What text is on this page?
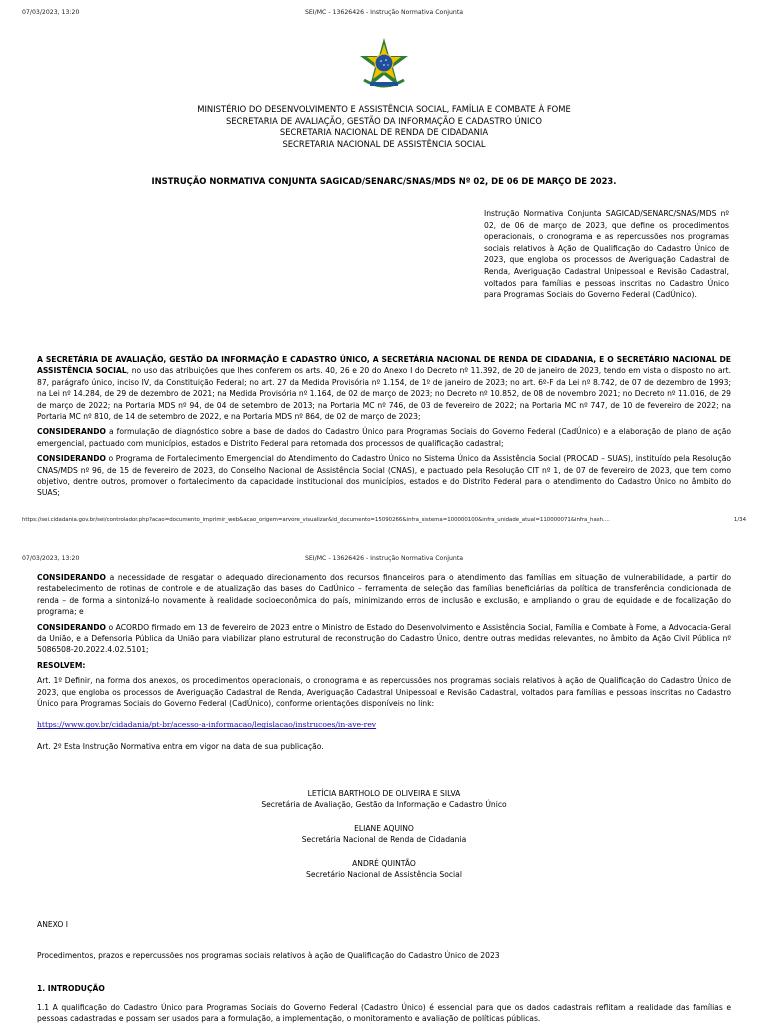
07/03/2023, 13:20	SEI/MC - 13626426 - Instrução Normativa Conjunta
MINISTÉRIO DO DESENVOLVIMENTO E ASSISTÊNCIA SOCIAL, FAMÍLIA E COMBATE À FOME
SECRETARIA DE AVALIAÇÃO, GESTÃO DA INFORMAÇÃO E CADASTRO ÚNICO
SECRETARIA NACIONAL DE RENDA DE CIDADANIA
SECRETARIA NACIONAL DE ASSISTÊNCIA SOCIAL
INSTRUÇÃO NORMATIVA CONJUNTA SAGICAD/SENARC/SNAS/MDS Nº 02, DE 06 DE MARÇO DE 2023.
Instrução Normativa Conjunta SAGICAD/SENARC/SNAS/MDS nº 02, de 06 de março de 2023, que define os procedimentos operacionais, o cronograma e as repercussões nos programas sociais relativos à Ação de Qualificação do Cadastro Único de 2023, que engloba os processos de Averiguação Cadastral de Renda, Averiguação Cadastral Unipessoal e Revisão Cadastral, voltados para famílias e pessoas inscritas no Cadastro Único para Programas Sociais do Governo Federal (CadÚnico).

A SECRETÁRIA DE AVALIAÇÃO, GESTÃO DA INFORMAÇÃO E CADASTRO ÚNICO, A SECRETÁRIA NACIONAL DE RENDA DE CIDADANIA, E O SECRETÁRIO NACIONAL DE ASSISTÊNCIA SOCIAL, no uso das atribuições que lhes conferem os arts. 40, 26 e 20 do Anexo I do Decreto nº 11.392, de 20 de janeiro de 2023, tendo em vista o disposto no art. 87, parágrafo único, inciso IV, da Constituição Federal; no art. 27 da Medida Provisória nº 1.154, de 1º de janeiro de 2023; no art. 6º-F da Lei nº 8.742, de 07 de dezembro de 1993; na Lei nº 14.284, de 29 de dezembro de 2021; na Medida Provisória nº 1.164, de 02 de março de 2023; no Decreto nº 10.852, de 08 de novembro 2021; no Decreto nº 11.016, de 29 de março de 2022; na Portaria MDS nº 94, de 04 de setembro de 2013; na Portaria MC nº 746, de 03 de fevereiro de 2022; na Portaria MC nº 747, de 10 de fevereiro de 2022; na Portaria MC nº 810, de 14 de setembro de 2022, e na Portaria MDS nº 864, de 02 de março de 2023;

CONSIDERANDO a formulação de diagnóstico sobre a base de dados do Cadastro Único para Programas Sociais do Governo Federal (CadÚnico) e a elaboração de plano de ação emergencial, pactuado com municípios, estados e Distrito Federal para retomada dos processos de qualificação cadastral;

CONSIDERANDO o Programa de Fortalecimento Emergencial do Atendimento do Cadastro Único no Sistema Único da Assistência Social (PROCAD – SUAS), instituído pela Resolução CNAS/MDS nº 96, de 15 de fevereiro de 2023, do Conselho Nacional de Assistência Social (CNAS), e pactuado pela Resolução CIT nº 1, de 07 de fevereiro de 2023, que tem como objetivo, dentre outros, promover o fortalecimento da capacidade institucional dos municípios, estados e do Distrito Federal para o atendimento do Cadastro Único no âmbito do SUAS;

https://sei.cidadania.gov.br/sei/controlador.php?acao=documento_imprimir_web&acao_origem=arvore_visualizar&id_documento=15090266&infra_sistema=100000100&infra_unidade_atual=110000071&infra_hash....	1/34
07/03/2023, 13:20	SEI/MC - 13626426 - Instrução Normativa Conjunta

CONSIDERANDO a necessidade de resgatar o adequado direcionamento dos recursos financeiros para o atendimento das famílias em situação de vulnerabilidade, a partir do restabelecimento de rotinas de controle e de atualização das bases do CadÚnico – ferramenta de seleção das famílias beneficiárias da política de transferência condicionada de renda – de forma a sintonizá-lo novamente à realidade socioeconômica do país, minimizando erros de inclusão e exclusão, e ampliando o grau de equidade e de focalização do programa; e

CONSIDERANDO o ACORDO firmado em 13 de fevereiro de 2023 entre o Ministro de Estado do Desenvolvimento e Assistência Social, Família e Combate à Fome, a Advocacia-Geral da União, e a Defensoria Pública da União para viabilizar plano estrutural de reconstrução do Cadastro Único, dentre outras medidas relevantes, no âmbito da Ação Civil Pública nº 5086508-20.2022.4.02.5101;

RESOLVEM:

Art. 1º Definir, na forma dos anexos, os procedimentos operacionais, o cronograma e as repercussões nos programas sociais relativos à ação de Qualificação do Cadastro Único de 2023, que engloba os processos de Averiguação Cadastral de Renda, Averiguação Cadastral Unipessoal e Revisão Cadastral, voltados para famílias e pessoas inscritas no Cadastro Único para Programas Sociais do Governo Federal (CadÚnico), conforme orientações disponíveis no link:

https://www.gov.br/cidadania/pt-br/acesso-a-informacao/legislacao/instrucoes/in-ave-rev

Art. 2º Esta Instrução Normativa entra em vigor na data de sua publicação.

LETÍCIA BARTHOLO DE OLIVEIRA E SILVA
Secretária de Avaliação, Gestão da Informação e Cadastro Único
ELIANE AQUINO
Secretária Nacional de Renda de Cidadania
ANDRÉ QUINTÃO
Secretário Nacional de Assistência Social
ANEXO I
Procedimentos, prazos e repercussões nos programas sociais relativos à ação de Qualificação do Cadastro Único de 2023
1. INTRODUÇÃO
1.1 A qualificação do Cadastro Único para Programas Sociais do Governo Federal (Cadastro Único) é essencial para que os dados cadastrais reflitam a realidade das famílias e pessoas cadastradas e possam ser usados para a formulação, a implementação, o monitoramento e avaliação de políticas públicas.
